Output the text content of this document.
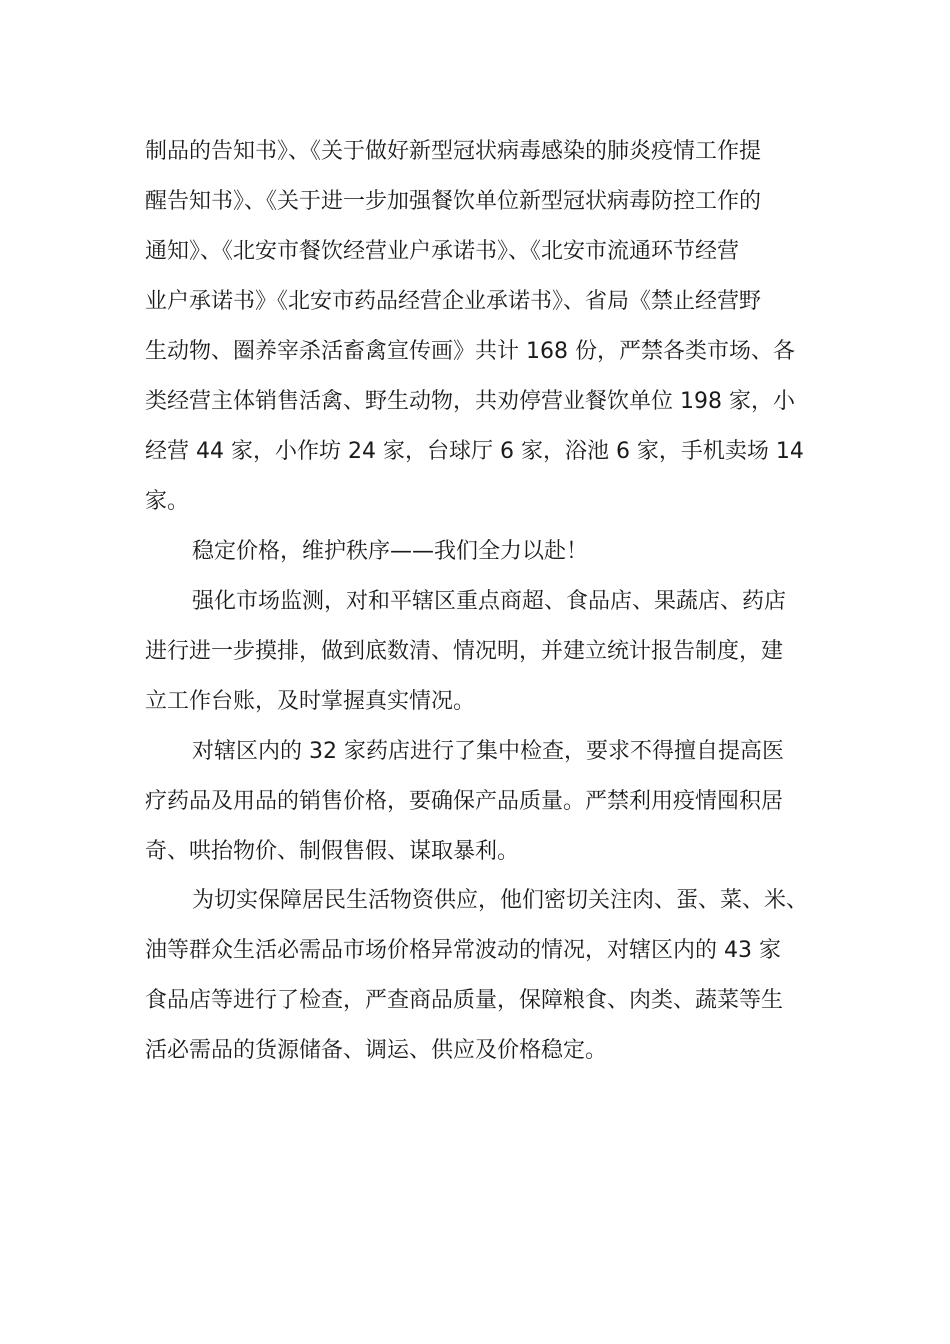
制品的告知书》、《关于做好新型冠状病毒感染的肺炎疫情工作提
醒告知书》、《关于进一步加强餐饮单位新型冠状病毒防控工作的
通知》、《北安市餐饮经营业户承诺书》、《北安市流通环节经营
业户承诺书》《北安市药品经营企业承诺书》、省局《禁止经营野
生动物、圈养宰杀活畜禽宣传画》共计 168 份，严禁各类市场、各
类经营主体销售活禽、野生动物，共劝停营业餐饮单位 198 家，小
经营 44 家，小作坊 24 家，台球厅 6 家，浴池 6 家，手机卖场 14
家。
稳定价格，维护秩序——我们全力以赴！
强化市场监测，对和平辖区重点商超、食品店、果蔬店、药店
进行进一步摸排，做到底数清、情况明，并建立统计报告制度，建
立工作台账，及时掌握真实情况。
对辖区内的 32 家药店进行了集中检查，要求不得擅自提高医
疗药品及用品的销售价格，要确保产品质量。严禁利用疫情囤积居
奇、哄抬物价、制假售假、谋取暴利。
为切实保障居民生活物资供应，他们密切关注肉、蛋、菜、米、
油等群众生活必需品市场价格异常波动的情况，对辖区内的 43 家
食品店等进行了检查，严查商品质量，保障粮食、肉类、蔬菜等生
活必需品的货源储备、调运、供应及价格稳定。
